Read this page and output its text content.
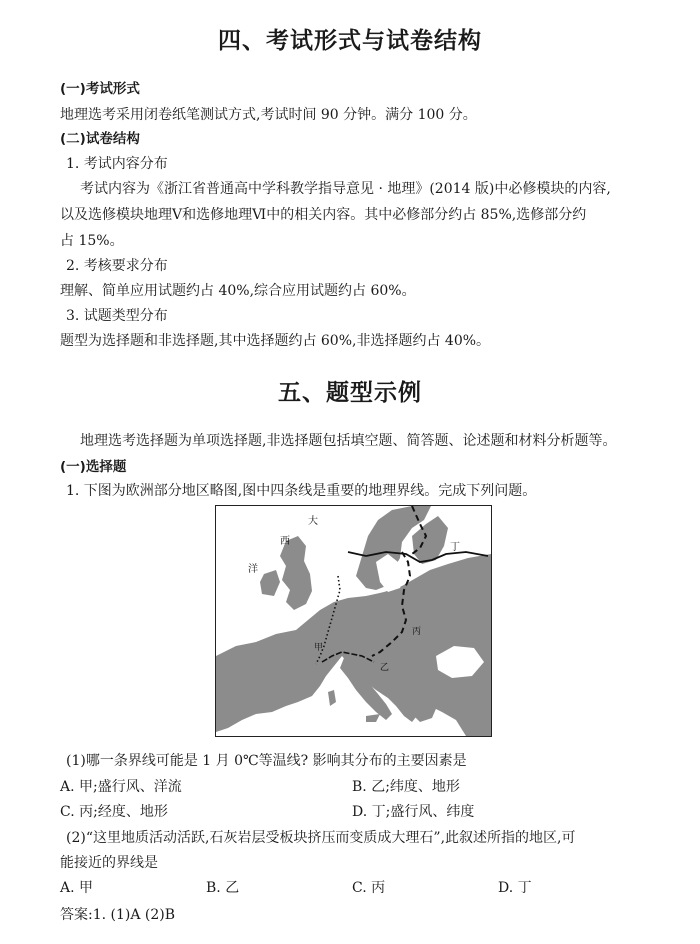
四、考试形式与试卷结构
(一)考试形式
地理选考采用闭卷纸笔测试方式,考试时间 90 分钟。满分 100 分。
(二)试卷结构
1. 考试内容分布
考试内容为《浙江省普通高中学科教学指导意见 · 地理》(2014 版)中必修模块的内容,
以及选修模块地理Ⅴ和选修地理Ⅵ中的相关内容。其中必修部分约占 85%,选修部分约
占 15%。
2. 考核要求分布
理解、简单应用试题约占 40%,综合应用试题约占 60%。
3. 试题类型分布
题型为选择题和非选择题,其中选择题约占 60%,非选择题约占 40%。
五、题型示例
地理选考选择题为单项选择题,非选择题包括填空题、简答题、论述题和材料分析题等。
(一)选择题
1. 下图为欧洲部分地区略图,图中四条线是重要的地理界线。完成下列问题。
大
西
洋
甲
乙
丙
丁
(1)哪一条界线可能是 1 月 0℃等温线? 影响其分布的主要因素是
A. 甲;盛行风、洋流	B. 乙;纬度、地形
C. 丙;经度、地形	D. 丁;盛行风、纬度
(2)“这里地质活动活跃,石灰岩层受板块挤压而变质成大理石”,此叙述所指的地区,可
能接近的界线是
A. 甲	B. 乙	C. 丙	D. 丁
答案:1. (1)A (2)B
